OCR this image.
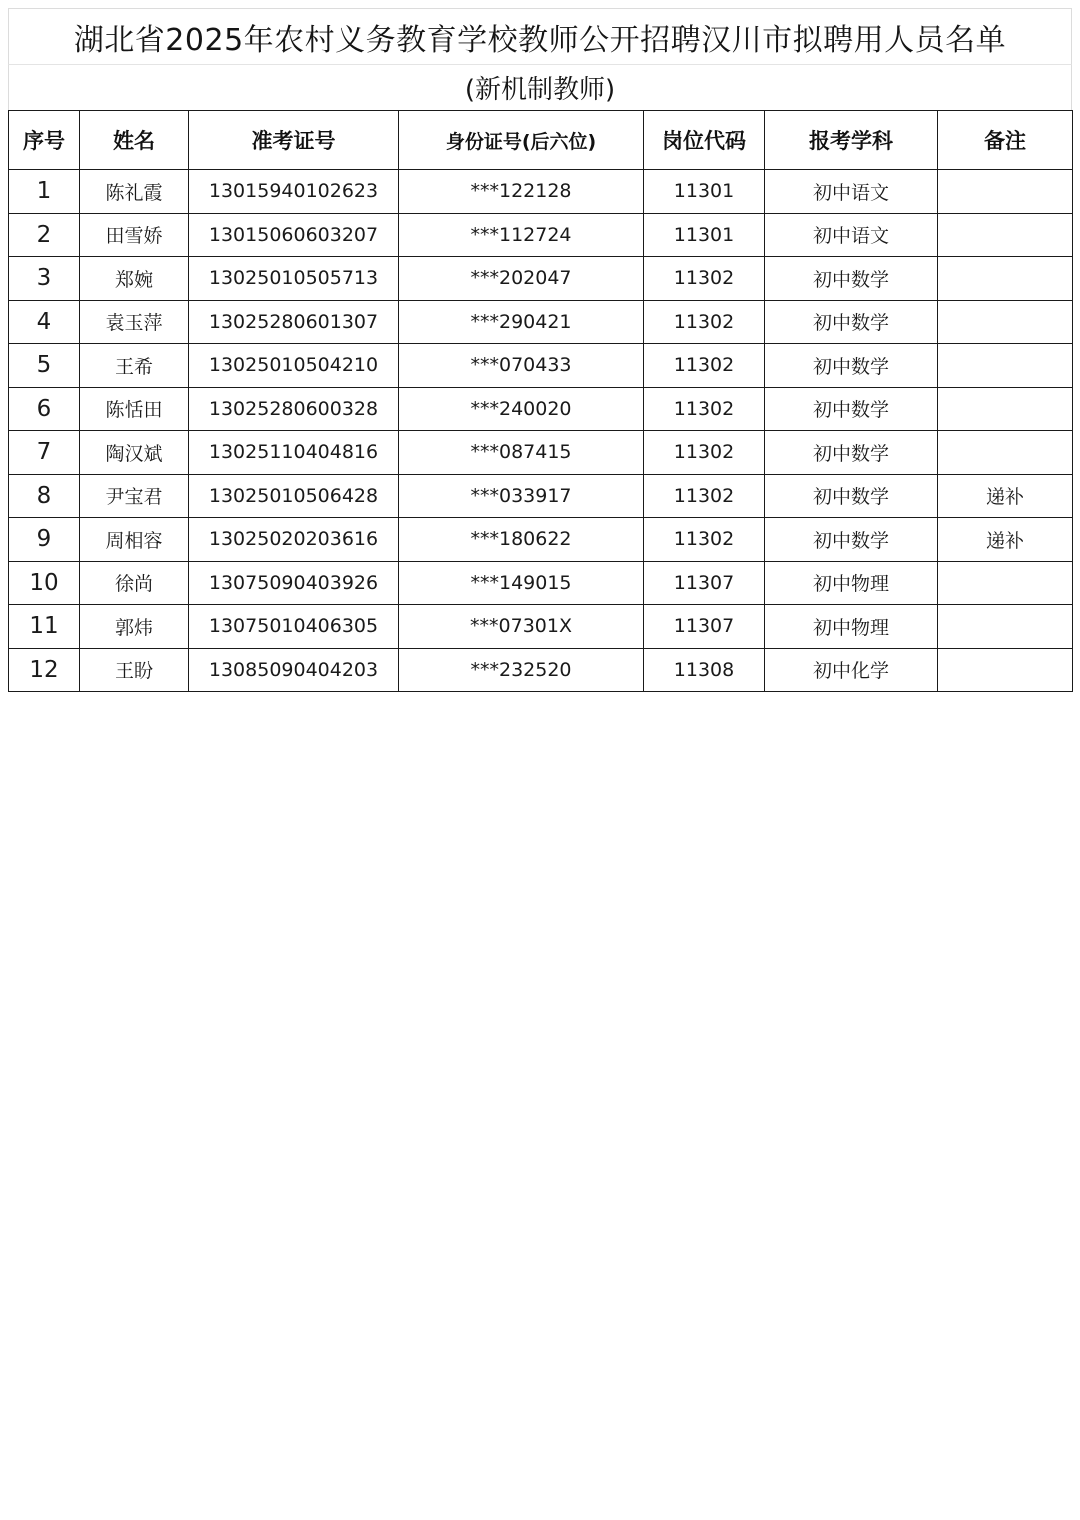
湖北省2025年农村义务教育学校教师公开招聘汉川市拟聘用人员名单
(新机制教师)
序号	姓名	准考证号	身份证号(后六位)	岗位代码	报考学科	备注
1	陈礼霞	13015940102623	***122128	11301	初中语文	
2	田雪娇	13015060603207	***112724	11301	初中语文	
3	郑婉	13025010505713	***202047	11302	初中数学	
4	袁玉萍	13025280601307	***290421	11302	初中数学	
5	王希	13025010504210	***070433	11302	初中数学	
6	陈恬田	13025280600328	***240020	11302	初中数学	
7	陶汉斌	13025110404816	***087415	11302	初中数学	
8	尹宝君	13025010506428	***033917	11302	初中数学	递补
9	周相容	13025020203616	***180622	11302	初中数学	递补
10	徐尚	13075090403926	***149015	11307	初中物理	
11	郭炜	13075010406305	***07301X	11307	初中物理	
12	王盼	13085090404203	***232520	11308	初中化学	
